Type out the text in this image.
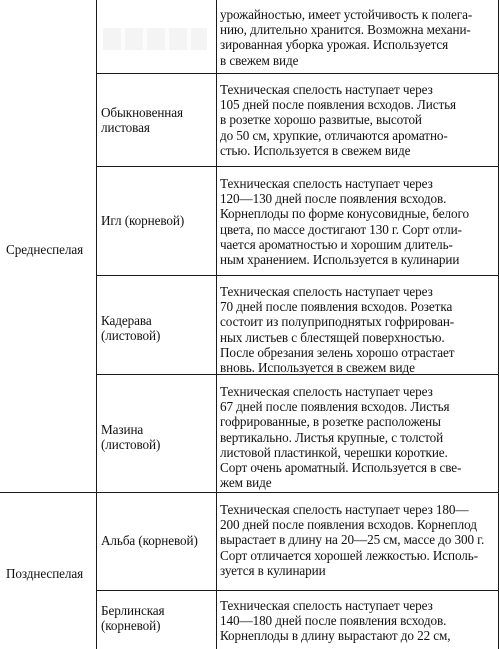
Среднеспелая

Позднеспелая

урожайностью, имеет устойчивость к полега-
нию, длительно хранится. Возможна механи-
зированная уборка урожая. Используется
в свежем виде

Обыкновенная
листовая

Техническая спелость наступает через
105 дней после появления всходов. Листья
в розетке хорошо развитые, высотой
до 50 см, хрупкие, отличаются ароматно-
стью. Используется в свежем виде

Игл (корневой)

Техническая спелость наступает через
120—130 дней после появления всходов.
Корнеплоды по форме конусовидные, белого
цвета, по массе достигают 130 г. Сорт отли-
чается ароматностью и хорошим длитель-
ным хранением. Используется в кулинарии

Кадерава
(листовой)

Техническая спелость наступает через
70 дней после появления всходов. Розетка
состоит из полуприподнятых гофрирован-
ных листьев с блестящей поверхностью.
После обрезания зелень хорошо отрастает
вновь. Используется в свежем виде

Мазина
(листовой)

Техническая спелость наступает через
67 дней после появления всходов. Листья
гофрированные, в розетке расположены
вертикально. Листья крупные, с толстой
листовой пластинкой, черешки короткие.
Сорт очень ароматный. Используется в све-
жем виде

Альба (корневой)

Техническая спелость наступает через 180—
200 дней после появления всходов. Корнеплод
вырастает в длину на 20—25 см, массе до 300 г.
Сорт отличается хорошей лежкостью. Исполь-
зуется в кулинарии

Берлинская
(корневой)

Техническая спелость наступает через
140—180 дней после появления всходов.
Корнеплоды в длину вырастают до 22 см,
